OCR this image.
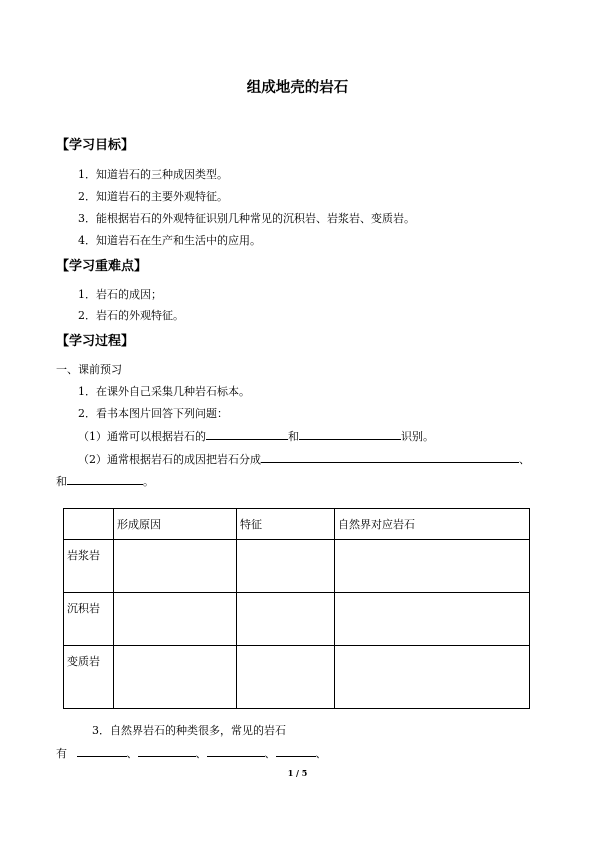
组成地壳的岩石
【学习目标】
1．知道岩石的三种成因类型。
2．知道岩石的主要外观特征。
3．能根据岩石的外观特征识别几种常见的沉积岩、岩浆岩、变质岩。
4．知道岩石在生产和生活中的应用。
【学习重难点】
1．岩石的成因；
2．岩石的外观特征。
【学习过程】
一、课前预习
1．在课外自己采集几种岩石标本。
2．看书本图片回答下列问题：
（1）通常可以根据岩石的	和	识别。
（2）通常根据岩石的成因把岩石分成	、
和	。
	形成原因	特征	自然界对应岩石
岩浆岩			
沉积岩			
变质岩			
3．自然界岩石的种类很多，常见的岩石
有	、	、	、	、
1 / 5
